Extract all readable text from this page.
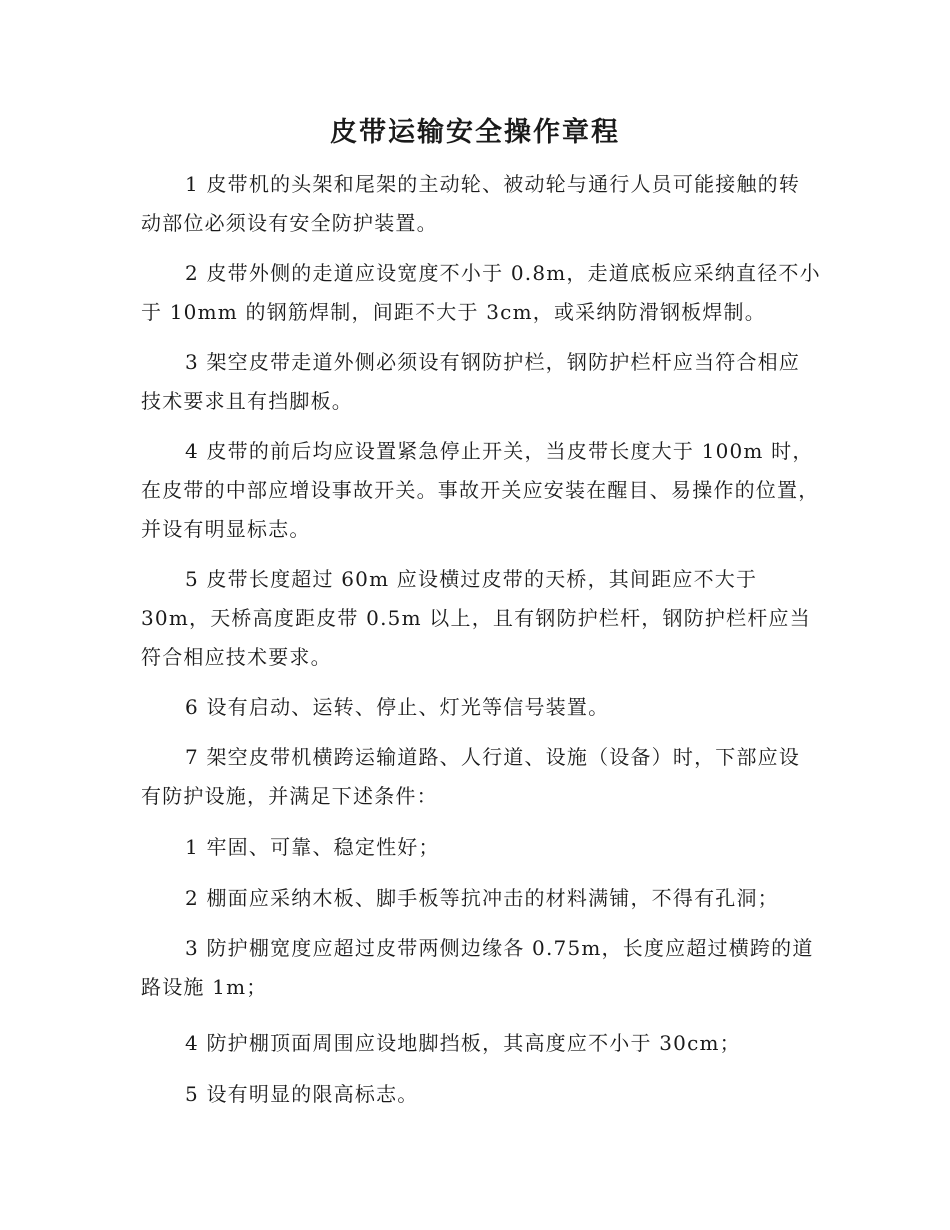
皮带运输安全操作章程

1 皮带机的头架和尾架的主动轮、被动轮与通行人员可能接触的转动部位必须设有安全防护装置。

2 皮带外侧的走道应设宽度不小于 0.8m，走道底板应采纳直径不小于 10mm 的钢筋焊制，间距不大于 3cm，或采纳防滑钢板焊制。

3 架空皮带走道外侧必须设有钢防护栏，钢防护栏杆应当符合相应技术要求且有挡脚板。

4 皮带的前后均应设置紧急停止开关，当皮带长度大于 100m 时，在皮带的中部应增设事故开关。事故开关应安装在醒目、易操作的位置，并设有明显标志。

5 皮带长度超过 60m 应设横过皮带的天桥，其间距应不大于 30m，天桥高度距皮带 0.5m 以上，且有钢防护栏杆，钢防护栏杆应当符合相应技术要求。

6 设有启动、运转、停止、灯光等信号装置。

7 架空皮带机横跨运输道路、人行道、设施（设备）时，下部应设有防护设施，并满足下述条件：

1 牢固、可靠、稳定性好；

2 棚面应采纳木板、脚手板等抗冲击的材料满铺，不得有孔洞；

3 防护棚宽度应超过皮带两侧边缘各 0.75m，长度应超过横跨的道路设施 1m；

4 防护棚顶面周围应设地脚挡板，其高度应不小于 30cm；

5 设有明显的限高标志。
